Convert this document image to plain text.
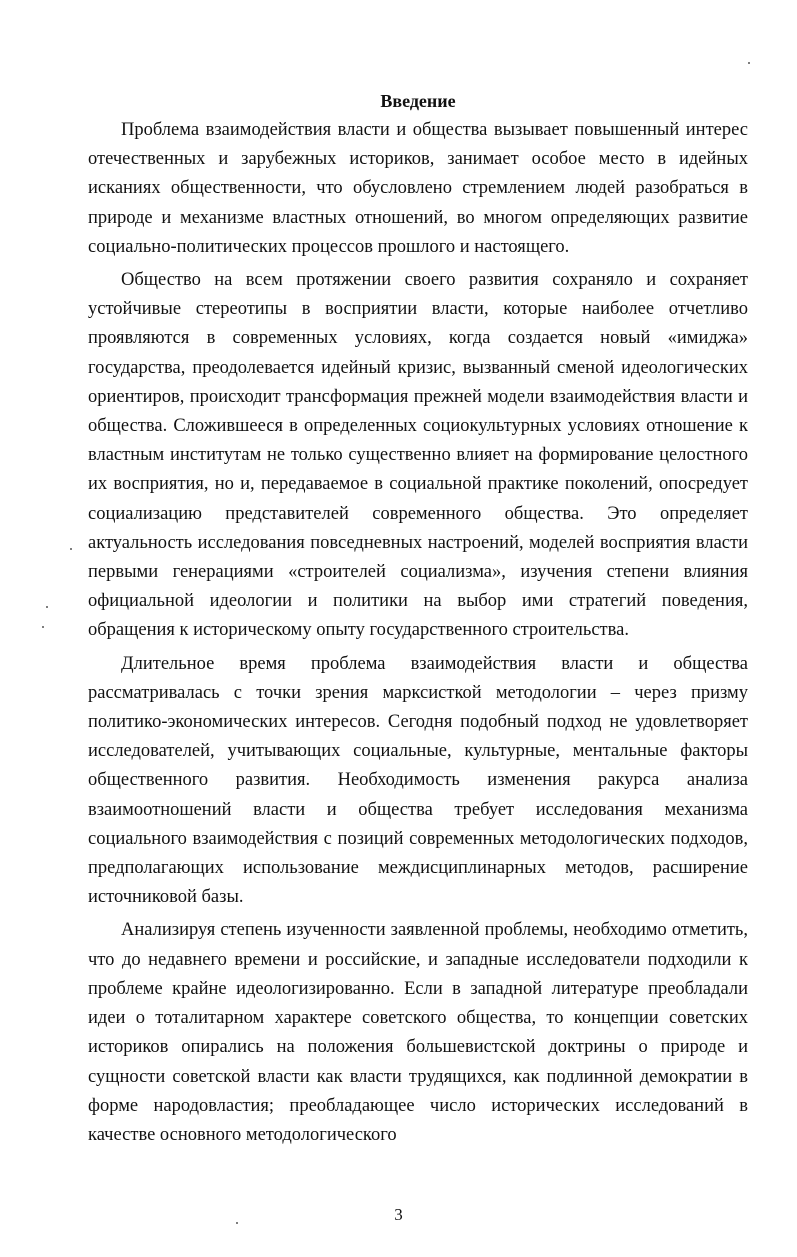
Введение

Проблема взаимодействия власти и общества вызывает повышенный интерес отечественных и зарубежных историков, занимает особое место в идейных исканиях общественности, что обусловлено стремлением людей разобраться в природе и механизме властных отношений, во многом определяющих развитие социально-политических процессов прошлого и настоящего.

Общество на всем протяжении своего развития сохраняло и сохраняет устойчивые стереотипы в восприятии власти, которые наиболее отчетливо проявляются в современных условиях, когда создается новый «имиджа» государства, преодолевается идейный кризис, вызванный сменой идеологических ориентиров, происходит трансформация прежней модели взаимодействия власти и общества. Сложившееся в определенных социокультурных условиях отношение к властным институтам не только существенно влияет на формирование целостного их восприятия, но и, передаваемое в социальной практике поколений, опосредует социализацию представителей современного общества. Это определяет актуальность исследования повседневных настроений, моделей восприятия власти первыми генерациями «строителей социализма», изучения степени влияния официальной идеологии и политики на выбор ими стратегий поведения, обращения к историческому опыту государственного строительства.

Длительное время проблема взаимодействия власти и общества рассматривалась с точки зрения марксисткой методологии – через призму политико-экономических интересов. Сегодня подобный подход не удовлетворяет исследователей, учитывающих социальные, культурные, ментальные факторы общественного развития. Необходимость изменения ракурса анализа взаимоотношений власти и общества требует исследования механизма социального взаимодействия с позиций современных методологических подходов, предполагающих использование междисциплинарных методов, расширение источниковой базы.

Анализируя степень изученности заявленной проблемы, необходимо отметить, что до недавнего времени и российские, и западные исследователи подходили к проблеме крайне идеологизированно. Если в западной литературе преобладали идеи о тоталитарном характере советского общества, то концепции советских историков опирались на положения большевистской доктрины о природе и сущности советской власти как власти трудящихся, как подлинной демократии в форме народовластия; преобладающее число исторических исследований в качестве основного методологического

3
